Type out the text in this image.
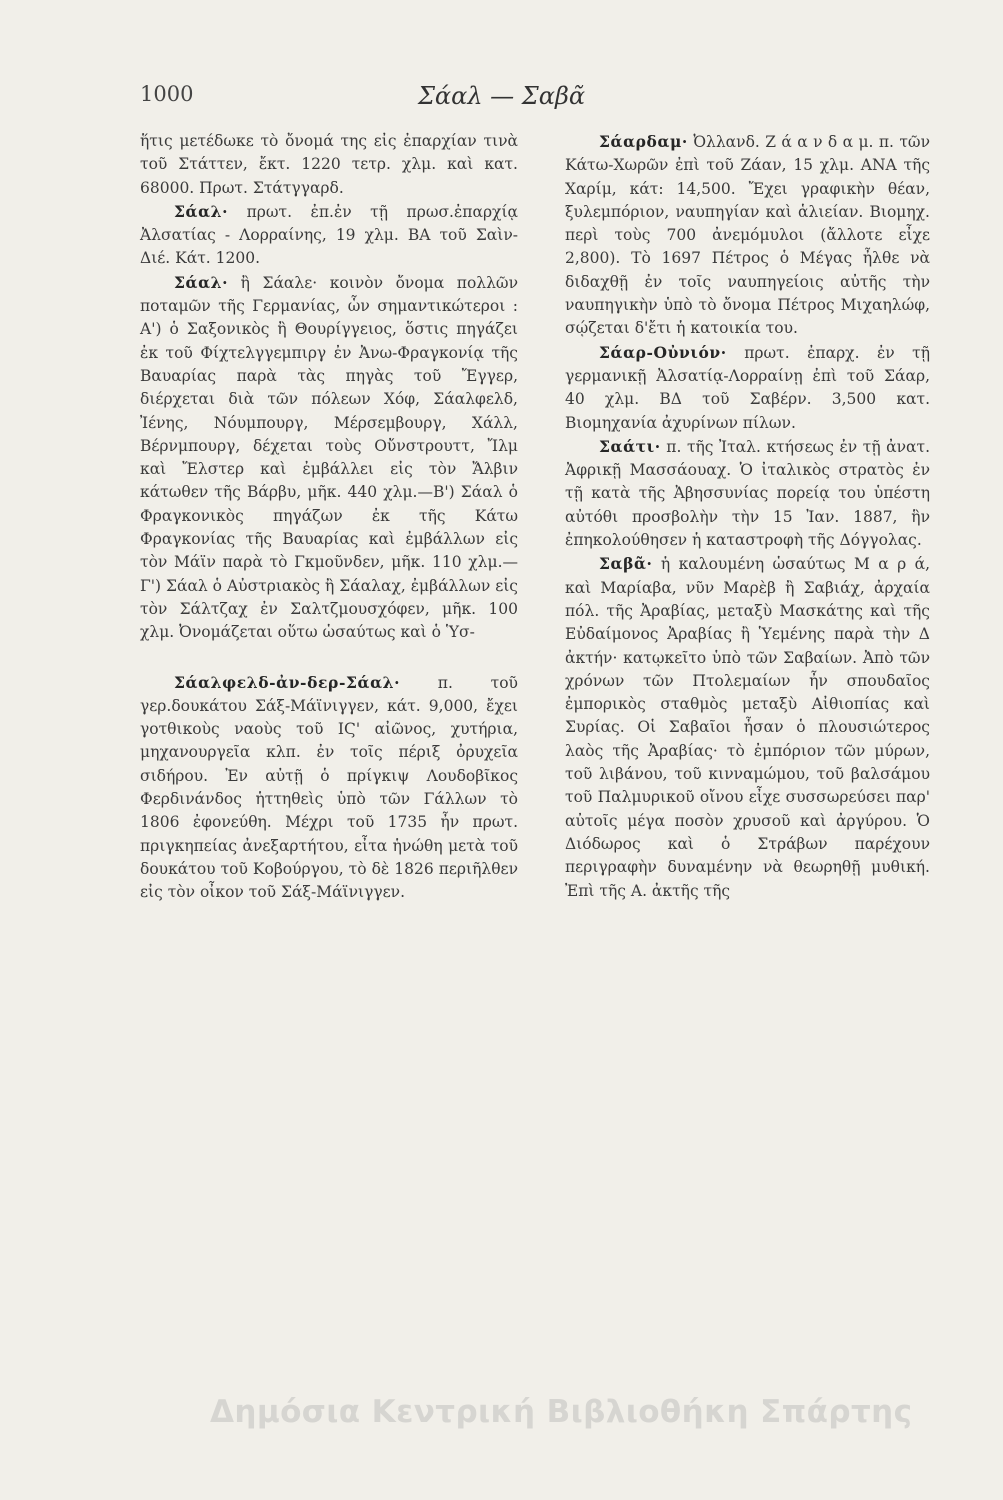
1000	Σάαλ — Σαβᾶ
ἥτις μετέδωκε τὸ ὄνομά της εἰς ἐπαρχίαν τινὰ τοῦ Στάττεν, ἔκτ. 1220 τετρ. χλμ. καὶ κατ. 68000. Πρωτ. Στάτγγαρδ.
Σάαλ· πρωτ. ἐπ.ἐν τῇ πρωσ.ἐπαρχίᾳ Ἀλσατίας - Λορραίνης, 19 χλμ. ΒΑ τοῦ Σαὶν-Διέ. Κάτ. 1200.
Σάαλ· ἢ Σάαλε· κοινὸν ὄνομα πολλῶν ποταμῶν τῆς Γερμανίας, ὧν σημαντικώτεροι : Α') ὁ Σαξονικὸς ἢ Θουρίγγειος, ὅστις πηγάζει ἐκ τοῦ Φίχτελγγεμπιργ ἐν Ἀνω-Φραγκονίᾳ τῆς Βαυαρίας παρὰ τὰς πηγὰς τοῦ Ἔγγερ, διέρχεται διὰ τῶν πόλεων Χόφ, Σάαλφελδ, Ἰένης, Νόυμπουργ, Μέρσεμβουργ, Χάλλ, Βέρνμπουργ, δέχεται τοὺς Οὔνστρουττ, Ἴλμ καὶ Ἔλστερ καὶ ἐμβάλλει εἰς τὸν Ἄλβιν κάτωθεν τῆς Βάρβυ, μῆκ. 440 χλμ.—Β') Σάαλ ὁ Φραγκονικὸς πηγάζων ἐκ τῆς Κάτω Φραγκονίας τῆς Βαυαρίας καὶ ἐμβάλλων εἰς τὸν Μάϊν παρὰ τὸ Γκμοῦνδεν, μῆκ. 110 χλμ.—Γ') Σάαλ ὁ Αὐστριακὸς ἢ Σάαλαχ, ἐμβάλλων εἰς τὸν Σάλτζαχ ἐν Σαλτζμουσχόφεν, μῆκ. 100 χλμ. Ὀνομάζεται οὕτω ὡσαύτως καὶ ὁ Ὑσ-
Σάαλφελδ-ἀν-δερ-Σάαλ· π. τοῦ γερ.δουκάτου Σάξ-Μάϊνιγγεν, κάτ. 9,000, ἔχει γοτθικοὺς ναοὺς τοῦ ΙϚ' αἰῶνος, χυτήρια, μηχανουργεῖα κλπ. ἐν τοῖς πέριξ ὀρυχεῖα σιδήρου. Ἐν αὐτῇ ὁ πρίγκιψ Λουδοβῖκος Φερδινάνδος ἡττηθεὶς ὑπὸ τῶν Γάλλων τὸ 1806 ἐφονεύθη. Μέχρι τοῦ 1735 ἦν πρωτ. πριγκηπείας ἀνεξαρτήτου, εἶτα ἡνώθη μετὰ τοῦ δουκάτου τοῦ Κοβούργου, τὸ δὲ 1826 περιῆλθεν εἰς τὸν οἶκον τοῦ Σάξ-Μάϊνιγγεν.
Σάαρδαμ· Ὀλλανδ. Ζ ά α ν δ α μ. π. τῶν Κάτω-Χωρῶν ἐπὶ τοῦ Ζάαν, 15 χλμ. ΑΝΑ τῆς Χαρίμ, κάτ: 14,500. Ἔχει γραφικὴν θέαν, ξυλεμπόριον, ναυπηγίαν καὶ ἁλιείαν. Βιομηχ. περὶ τοὺς 700 ἀνεμόμυλοι (ἄλλοτε εἶχε 2,800). Τὸ 1697 Πέτρος ὁ Μέγας ἦλθε νὰ διδαχθῇ ἐν τοῖς ναυπηγείοις αὐτῆς τὴν ναυπηγικὴν ὑπὸ τὸ ὄνομα Πέτρος Μιχαηλώφ, σῴζεται δ'ἔτι ἡ κατοικία του.
Σάαρ-Οὐνιόν· πρωτ. ἐπαρχ. ἐν τῇ γερμανικῇ Ἀλσατίᾳ-Λορραίνῃ ἐπὶ τοῦ Σάαρ, 40 χλμ. ΒΔ τοῦ Σαβέρν. 3,500 κατ. Βιομηχανία ἀχυρίνων πίλων.
Σαάτι· π. τῆς Ἰταλ. κτήσεως ἐν τῇ ἀνατ. Ἀφρικῇ Μασσάουαχ. Ὁ ἰταλικὸς στρατὸς ἐν τῇ κατὰ τῆς Ἀβησσυνίας πορείᾳ του ὑπέστη αὐτόθι προσβολὴν τὴν 15 Ἰαν. 1887, ἣν ἐπηκολούθησεν ἡ καταστροφὴ τῆς Δόγγολας.
Σαβᾶ· ἡ καλουμένη ὡσαύτως Μ α ρ ά, καὶ Μαρίαβα, νῦν Μαρὲβ ἢ Σαβιάχ, ἀρχαία πόλ. τῆς Ἀραβίας, μεταξὺ Μασκάτης καὶ τῆς Εὐδαίμονος Ἀραβίας ἢ Ὑεμένης παρὰ τὴν Δ ἀκτήν· κατῳκεῖτο ὑπὸ τῶν Σαβαίων. Ἀπὸ τῶν χρόνων τῶν Πτολεμαίων ἦν σπουδαῖος ἐμπορικὸς σταθμὸς μεταξὺ Αἰθιοπίας καὶ Συρίας. Οἱ Σαβαῖοι ἦσαν ὁ πλουσιώτερος λαὸς τῆς Ἀραβίας· τὸ ἐμπόριον τῶν μύρων, τοῦ λιβάνου, τοῦ κινναμώμου, τοῦ βαλσάμου τοῦ Παλμυρικοῦ οἴνου εἶχε συσσωρεύσει παρ' αὐτοῖς μέγα ποσὸν χρυσοῦ καὶ ἀργύρου. Ὁ Διόδωρος καὶ ὁ Στράβων παρέχουν περιγραφὴν δυναμένην νὰ θεωρηθῇ μυθική. Ἐπὶ τῆς Α. ἀκτῆς τῆς
Δημόσια Κεντρική Βιβλιοθήκη Σπάρτης
